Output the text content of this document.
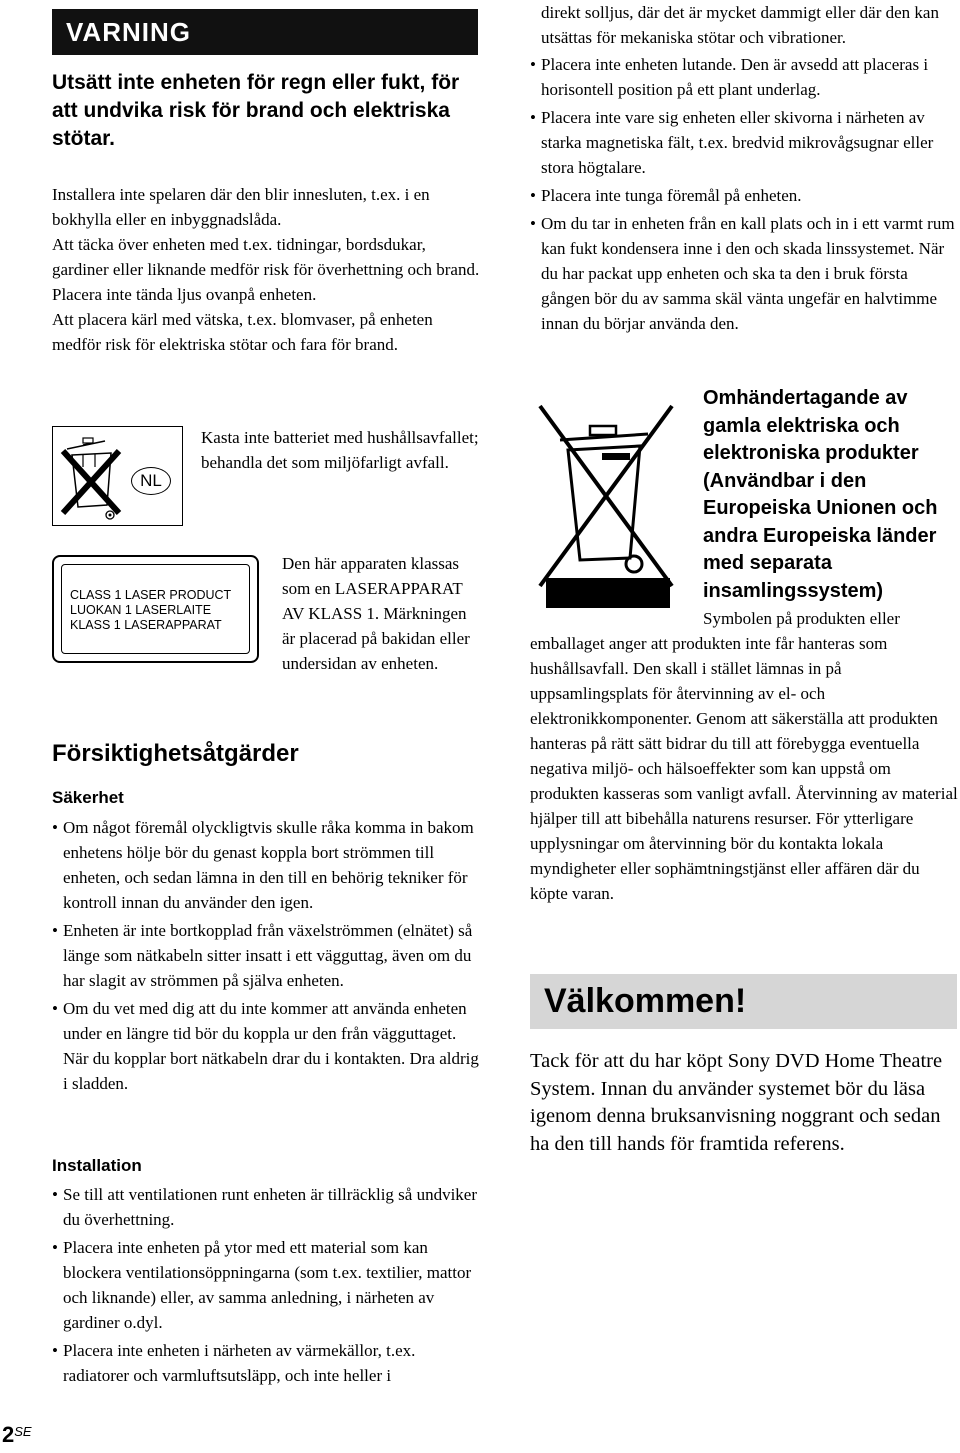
VARNING
Utsätt inte enheten för regn eller fukt, för att undvika risk för brand och elektriska stötar.

Installera inte spelaren där den blir innesluten, t.ex. i en bokhylla eller en inbyggnadslåda.

Att täcka över enheten med t.ex. tidningar, bordsdukar, gardiner eller liknande medför risk för överhettning och brand. Placera inte tända ljus ovanpå enheten.

Att placera kärl med vätska, t.ex. blomvaser, på enheten medför risk för elektriska stötar och fara för brand.

NL
Kasta inte batteriet med hushållsavfallet; behandla det som miljöfarligt avfall.
CLASS 1 LASER PRODUCT
LUOKAN 1 LASERLAITE
KLASS 1 LASERAPPARAT
Den här apparaten klassas som en LASERAPPARAT AV KLASS 1. Märkningen är placerad på bakidan eller undersidan av enheten.
Försiktighetsåtgärder
Säkerhet
• Om något föremål olyckligtvis skulle råka komma in bakom enhetens hölje bör du genast koppla bort strömmen till enheten, och sedan lämna in den till en behörig tekniker för kontroll innan du använder den igen.
• Enheten är inte bortkopplad från växelströmmen (elnätet) så länge som nätkabeln sitter insatt i ett vägguttag, även om du har slagit av strömmen på själva enheten.
• Om du vet med dig att du inte kommer att använda enheten under en längre tid bör du koppla ur den från vägguttaget. När du kopplar bort nätkabeln drar du i kontakten. Dra aldrig i sladden.
Installation
• Se till att ventilationen runt enheten är tillräcklig så undviker du överhettning.
• Placera inte enheten på ytor med ett material som kan blockera ventilationsöppningarna (som t.ex. textilier, mattor och liknande) eller, av samma anledning, i närheten av gardiner o.dyl.
• Placera inte enheten i närheten av värmekällor, t.ex. radiatorer och varmluftsutsläpp, och inte heller i
$2^{SE}$
direkt solljus, där det är mycket dammigt eller där den kan utsättas för mekaniska stötar och vibrationer.
• Placera inte enheten lutande. Den är avsedd att placeras i horisontell position på ett plant underlag.
• Placera inte vare sig enheten eller skivorna i närheten av starka magnetiska fält, t.ex. bredvid mikrovågsugnar eller stora högtalare.
• Placera inte tunga föremål på enheten.
• Om du tar in enheten från en kall plats och in i ett varmt rum kan fukt kondensera inne i den och skada linssystemet. När du har packat upp enheten och ska ta den i bruk första gången bör du av samma skäl vänta ungefär en halvtimme innan du börjar använda den.
Omhändertagande av gamla elektriska och elektroniska produkter (Användbar i den Europeiska Unionen och andra Europeiska länder med separata insamlingssystem)
Symbolen på produkten eller
emballaget anger att produkten inte får hanteras som hushållsavfall. Den skall i stället lämnas in på uppsamlingsplats för återvinning av el- och elektronikkomponenter. Genom att säkerställa att produkten hanteras på rätt sätt bidrar du till att förebygga eventuella negativa miljö- och hälsoeffekter som kan uppstå om produkten kasseras som vanligt avfall. Återvinning av material hjälper till att bibehålla naturens resurser. För ytterligare upplysningar om återvinning bör du kontakta lokala myndigheter eller sophämtningstjänst eller affären där du köpte varan.
Välkommen!
Tack för att du har köpt Sony DVD Home Theatre System. Innan du använder systemet bör du läsa igenom denna bruksanvisning noggrant och sedan ha den till hands för framtida referens.
